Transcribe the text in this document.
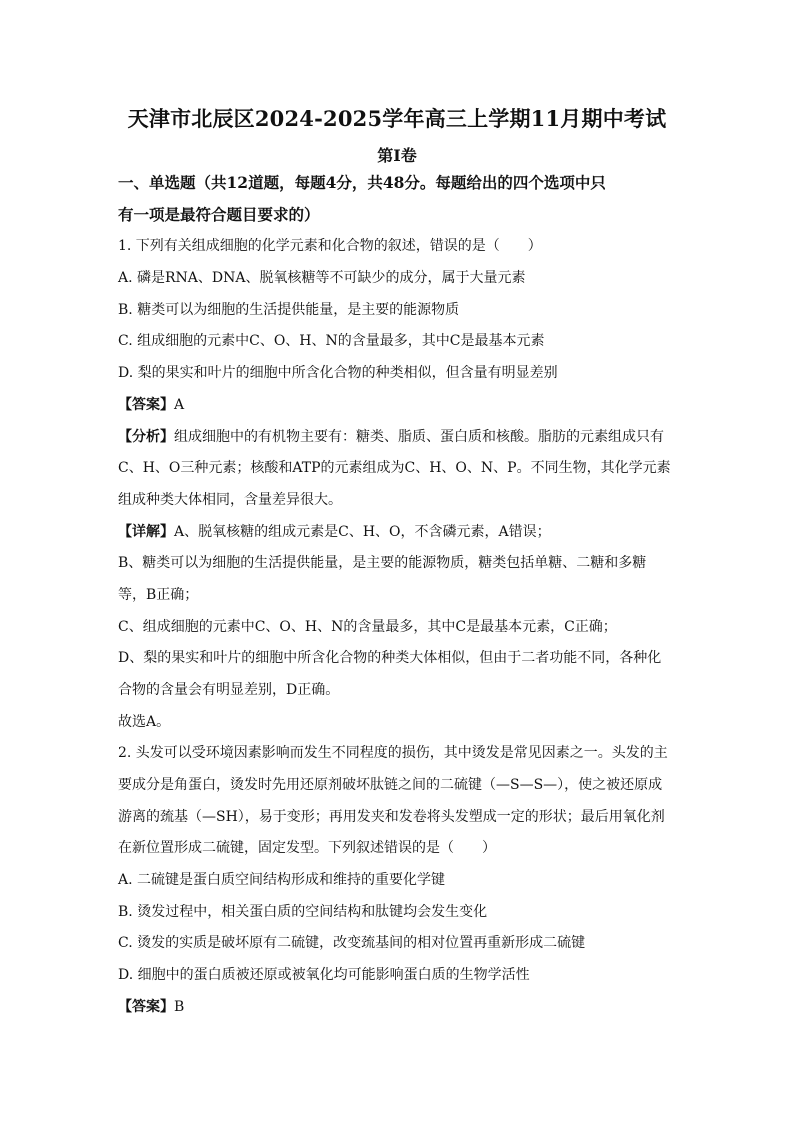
天津市北辰区2024-2025学年高三上学期11月期中考试
第I卷
一、单选题（共12道题，每题4分，共48分。每题给出的四个选项中只
有一项是最符合题目要求的）
1. 下列有关组成细胞的化学元素和化合物的叙述，错误的是（　　）
A. 磷是RNA、DNA、脱氧核糖等不可缺少的成分，属于大量元素
B. 糖类可以为细胞的生活提供能量，是主要的能源物质
C. 组成细胞的元素中C、O、H、N的含量最多，其中C是最基本元素
D. 梨的果实和叶片的细胞中所含化合物的种类相似，但含量有明显差别
【答案】A
【分析】组成细胞中的有机物主要有：糖类、脂质、蛋白质和核酸。脂肪的元素组成只有
C、H、O三种元素；核酸和ATP的元素组成为C、H、O、N、P。不同生物，其化学元素
组成种类大体相同，含量差异很大。
【详解】A、脱氧核糖的组成元素是C、H、O，不含磷元素，A错误；
B、糖类可以为细胞的生活提供能量，是主要的能源物质，糖类包括单糖、二糖和多糖
等，B正确；
C、组成细胞的元素中C、O、H、N的含量最多，其中C是最基本元素，C正确；
D、梨的果实和叶片的细胞中所含化合物的种类大体相似，但由于二者功能不同，各种化
合物的含量会有明显差别，D正确。
故选A。
2. 头发可以受环境因素影响而发生不同程度的损伤，其中烫发是常见因素之一。头发的主
要成分是角蛋白，烫发时先用还原剂破坏肽链之间的二硫键（—S—S—），使之被还原成
游离的巯基（—SH），易于变形；再用发夹和发卷将头发塑成一定的形状；最后用氧化剂
在新位置形成二硫键，固定发型。下列叙述错误的是（　　）
A. 二硫键是蛋白质空间结构形成和维持的重要化学键
B. 烫发过程中，相关蛋白质的空间结构和肽键均会发生变化
C. 烫发的实质是破坏原有二硫键，改变巯基间的相对位置再重新形成二硫键
D. 细胞中的蛋白质被还原或被氧化均可能影响蛋白质的生物学活性
【答案】B
